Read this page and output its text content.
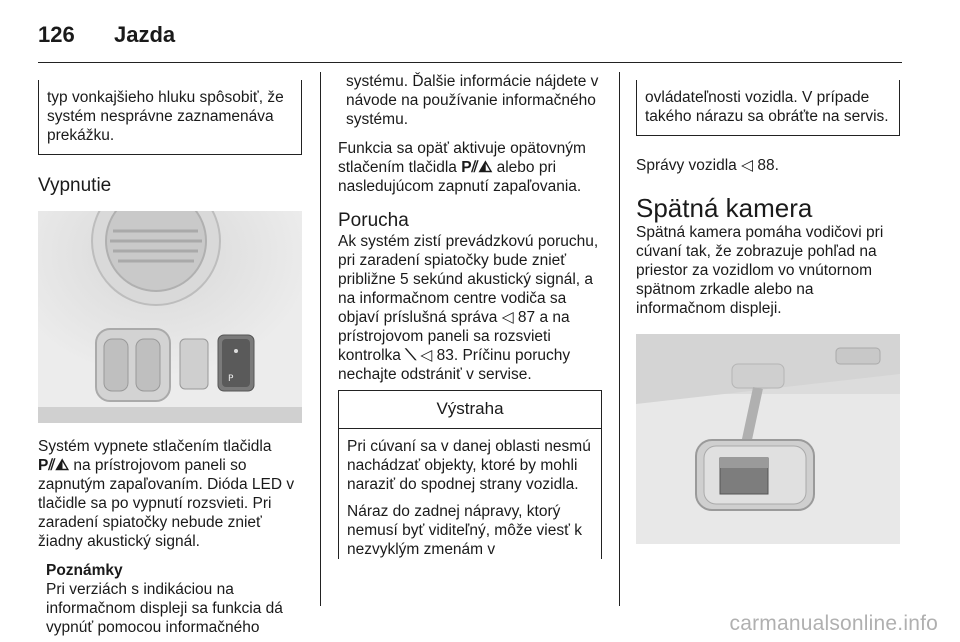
126 Jazda

typ vonkajšieho hluku spôsobiť, že systém nesprávne zaznamenáva prekážku.

Vypnutie
P

Systém vypnete stlačením tlačidla
P⫽◭ na prístrojovom paneli so zapnutým zapaľovaním. Dióda LED v tlačidle sa po vypnutí rozsvieti. Pri zaradení spiatočky nebude znieť žiadny akustický signál.

Poznámky

Pri verziách s indikáciou na informačnom displeji sa funkcia dá vypnúť pomocou informačného

systému. Ďalšie informácie nájdete v návode na používanie informačného systému.

Funkcia sa opäť aktivuje opätovným stlačením tlačidla P⫽◭ alebo pri nasledujúcom zapnutí zapaľovania.

Porucha

Ak systém zistí prevádzkovú poruchu, pri zaradení spiatočky bude znieť približne 5 sekúnd akustický signál, a na informačnom centre vodiča sa objaví príslušná správa ◁ 87 a na prístrojovom paneli sa rozsvieti kontrolka ⟍ ◁ 83. Príčinu poruchy nechajte odstrániť v servise.

Výstraha

Pri cúvaní sa v danej oblasti nesmú nachádzať objekty, ktoré by mohli naraziť do spodnej strany vozidla.

Náraz do zadnej nápravy, ktorý nemusí byť viditeľný, môže viesť k nezvyklým zmenám v

ovládateľnosti vozidla. V prípade takého nárazu sa obráťte na servis.

Správy vozidla ◁ 88.

Spätná kamera

Spätná kamera pomáha vodičovi pri cúvaní tak, že zobrazuje pohľad na priestor za vozidlom vo vnútornom spätnom zrkadle alebo na informačnom displeji.

carmanualsonline.info
